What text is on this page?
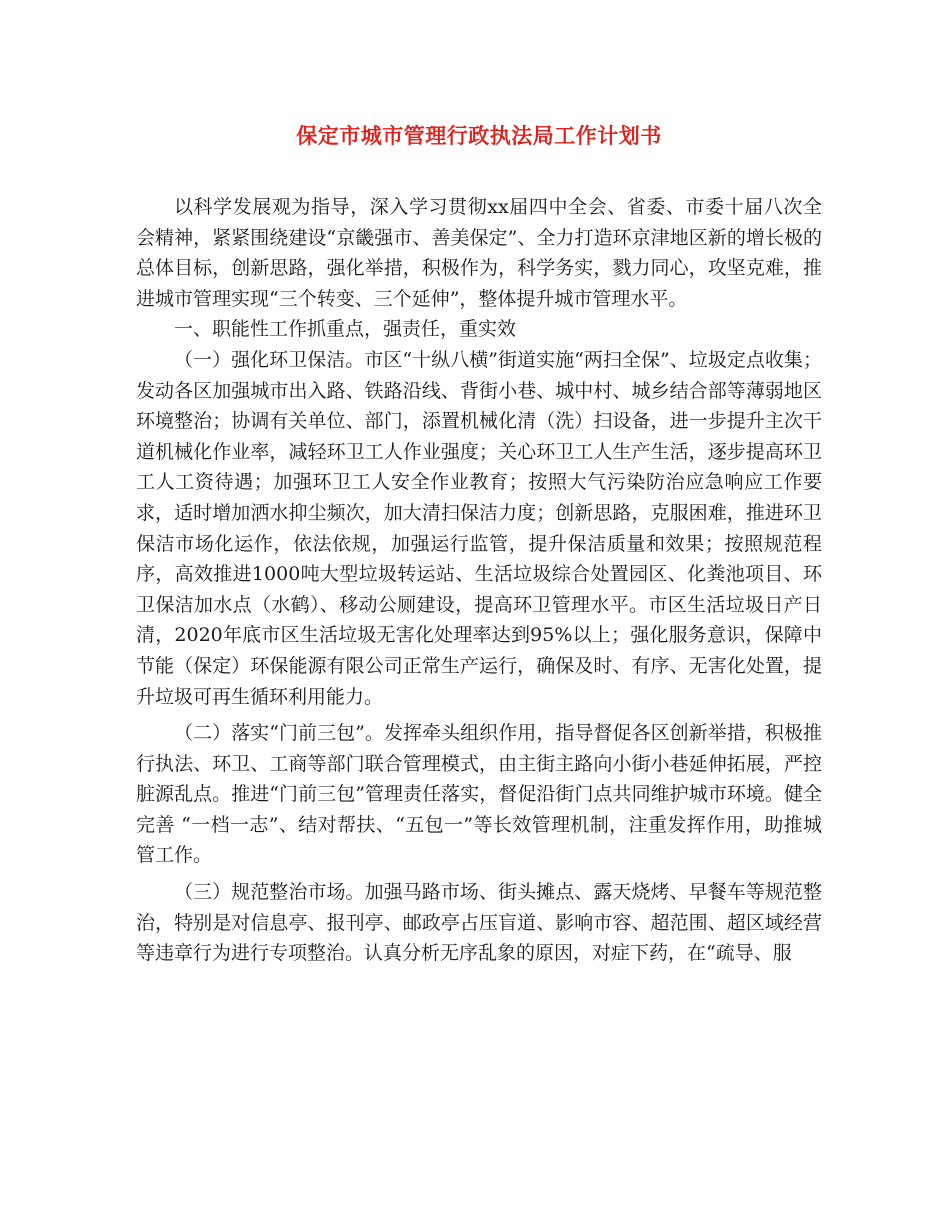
保定市城市管理行政执法局工作计划书

以科学发展观为指导，深入学习贯彻xx届四中全会、省委、市委十届八次全会精神，紧紧围绕建设“京畿强市、善美保定”、全力打造环京津地区新的增长极的总体目标，创新思路，强化举措，积极作为，科学务实，戮力同心，攻坚克难，推进城市管理实现“三个转变、三个延伸”，整体提升城市管理水平。

一、职能性工作抓重点，强责任，重实效

（一）强化环卫保洁。市区“十纵八横”街道实施“两扫全保”、垃圾定点收集；发动各区加强城市出入路、铁路沿线、背街小巷、城中村、城乡结合部等薄弱地区环境整治；协调有关单位、部门，添置机械化清（洗）扫设备，进一步提升主次干道机械化作业率，减轻环卫工人作业强度；关心环卫工人生产生活，逐步提高环卫工人工资待遇；加强环卫工人安全作业教育；按照大气污染防治应急响应工作要求，适时增加洒水抑尘频次，加大清扫保洁力度；创新思路，克服困难，推进环卫保洁市场化运作，依法依规，加强运行监管，提升保洁质量和效果；按照规范程序，高效推进1000吨大型垃圾转运站、生活垃圾综合处置园区、化粪池项目、环卫保洁加水点（水鹤）、移动公厕建设，提高环卫管理水平。市区生活垃圾日产日清，2020年底市区生活垃圾无害化处理率达到95%以上；强化服务意识，保障中节能（保定）环保能源有限公司正常生产运行，确保及时、有序、无害化处置，提升垃圾可再生循环利用能力。

（二）落实“门前三包”。发挥牵头组织作用，指导督促各区创新举措，积极推行执法、环卫、工商等部门联合管理模式，由主街主路向小街小巷延伸拓展，严控脏源乱点。推进“门前三包”管理责任落实，督促沿街门点共同维护城市环境。健全完善 “一档一志”、结对帮扶、“五包一”等长效管理机制，注重发挥作用，助推城管工作。

（三）规范整治市场。加强马路市场、街头摊点、露天烧烤、早餐车等规范整治，特别是对信息亭、报刊亭、邮政亭占压盲道、影响市容、超范围、超区域经营等违章行为进行专项整治。认真分析无序乱象的原因，对症下药，在“疏导、服
